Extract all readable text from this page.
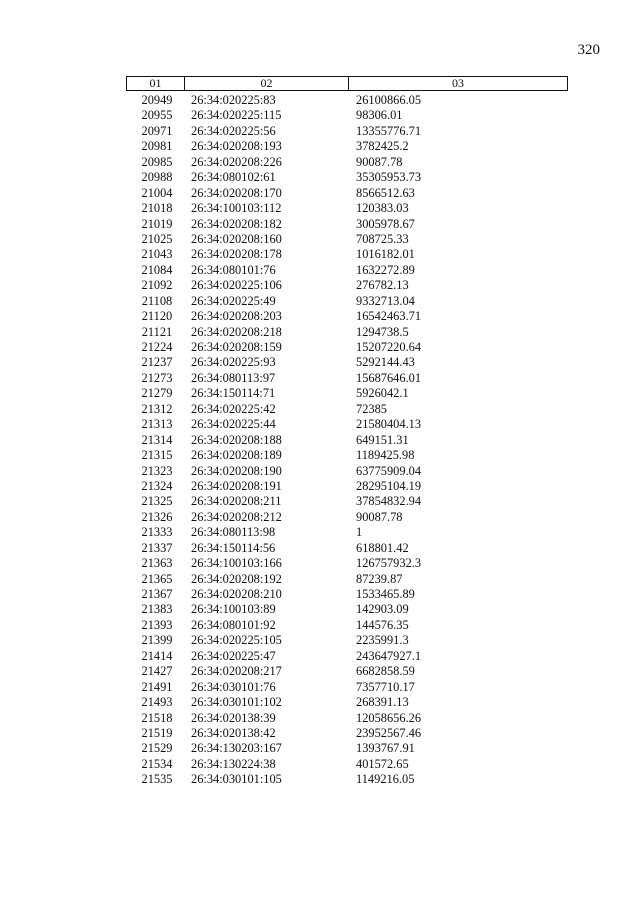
320
01	02	03
20949	26:34:020225:83	26100866.05
20955	26:34:020225:115	98306.01
20971	26:34:020225:56	13355776.71
20981	26:34:020208:193	3782425.2
20985	26:34:020208:226	90087.78
20988	26:34:080102:61	35305953.73
21004	26:34:020208:170	8566512.63
21018	26:34:100103:112	120383.03
21019	26:34:020208:182	3005978.67
21025	26:34:020208:160	708725.33
21043	26:34:020208:178	1016182.01
21084	26:34:080101:76	1632272.89
21092	26:34:020225:106	276782.13
21108	26:34:020225:49	9332713.04
21120	26:34:020208:203	16542463.71
21121	26:34:020208:218	1294738.5
21224	26:34:020208:159	15207220.64
21237	26:34:020225:93	5292144.43
21273	26:34:080113:97	15687646.01
21279	26:34:150114:71	5926042.1
21312	26:34:020225:42	72385
21313	26:34:020225:44	21580404.13
21314	26:34:020208:188	649151.31
21315	26:34:020208:189	1189425.98
21323	26:34:020208:190	63775909.04
21324	26:34:020208:191	28295104.19
21325	26:34:020208:211	37854832.94
21326	26:34:020208:212	90087.78
21333	26:34:080113:98	1
21337	26:34:150114:56	618801.42
21363	26:34:100103:166	126757932.3
21365	26:34:020208:192	87239.87
21367	26:34:020208:210	1533465.89
21383	26:34:100103:89	142903.09
21393	26:34:080101:92	144576.35
21399	26:34:020225:105	2235991.3
21414	26:34:020225:47	243647927.1
21427	26:34:020208:217	6682858.59
21491	26:34:030101:76	7357710.17
21493	26:34:030101:102	268391.13
21518	26:34:020138:39	12058656.26
21519	26:34:020138:42	23952567.46
21529	26:34:130203:167	1393767.91
21534	26:34:130224:38	401572.65
21535	26:34:030101:105	1149216.05
